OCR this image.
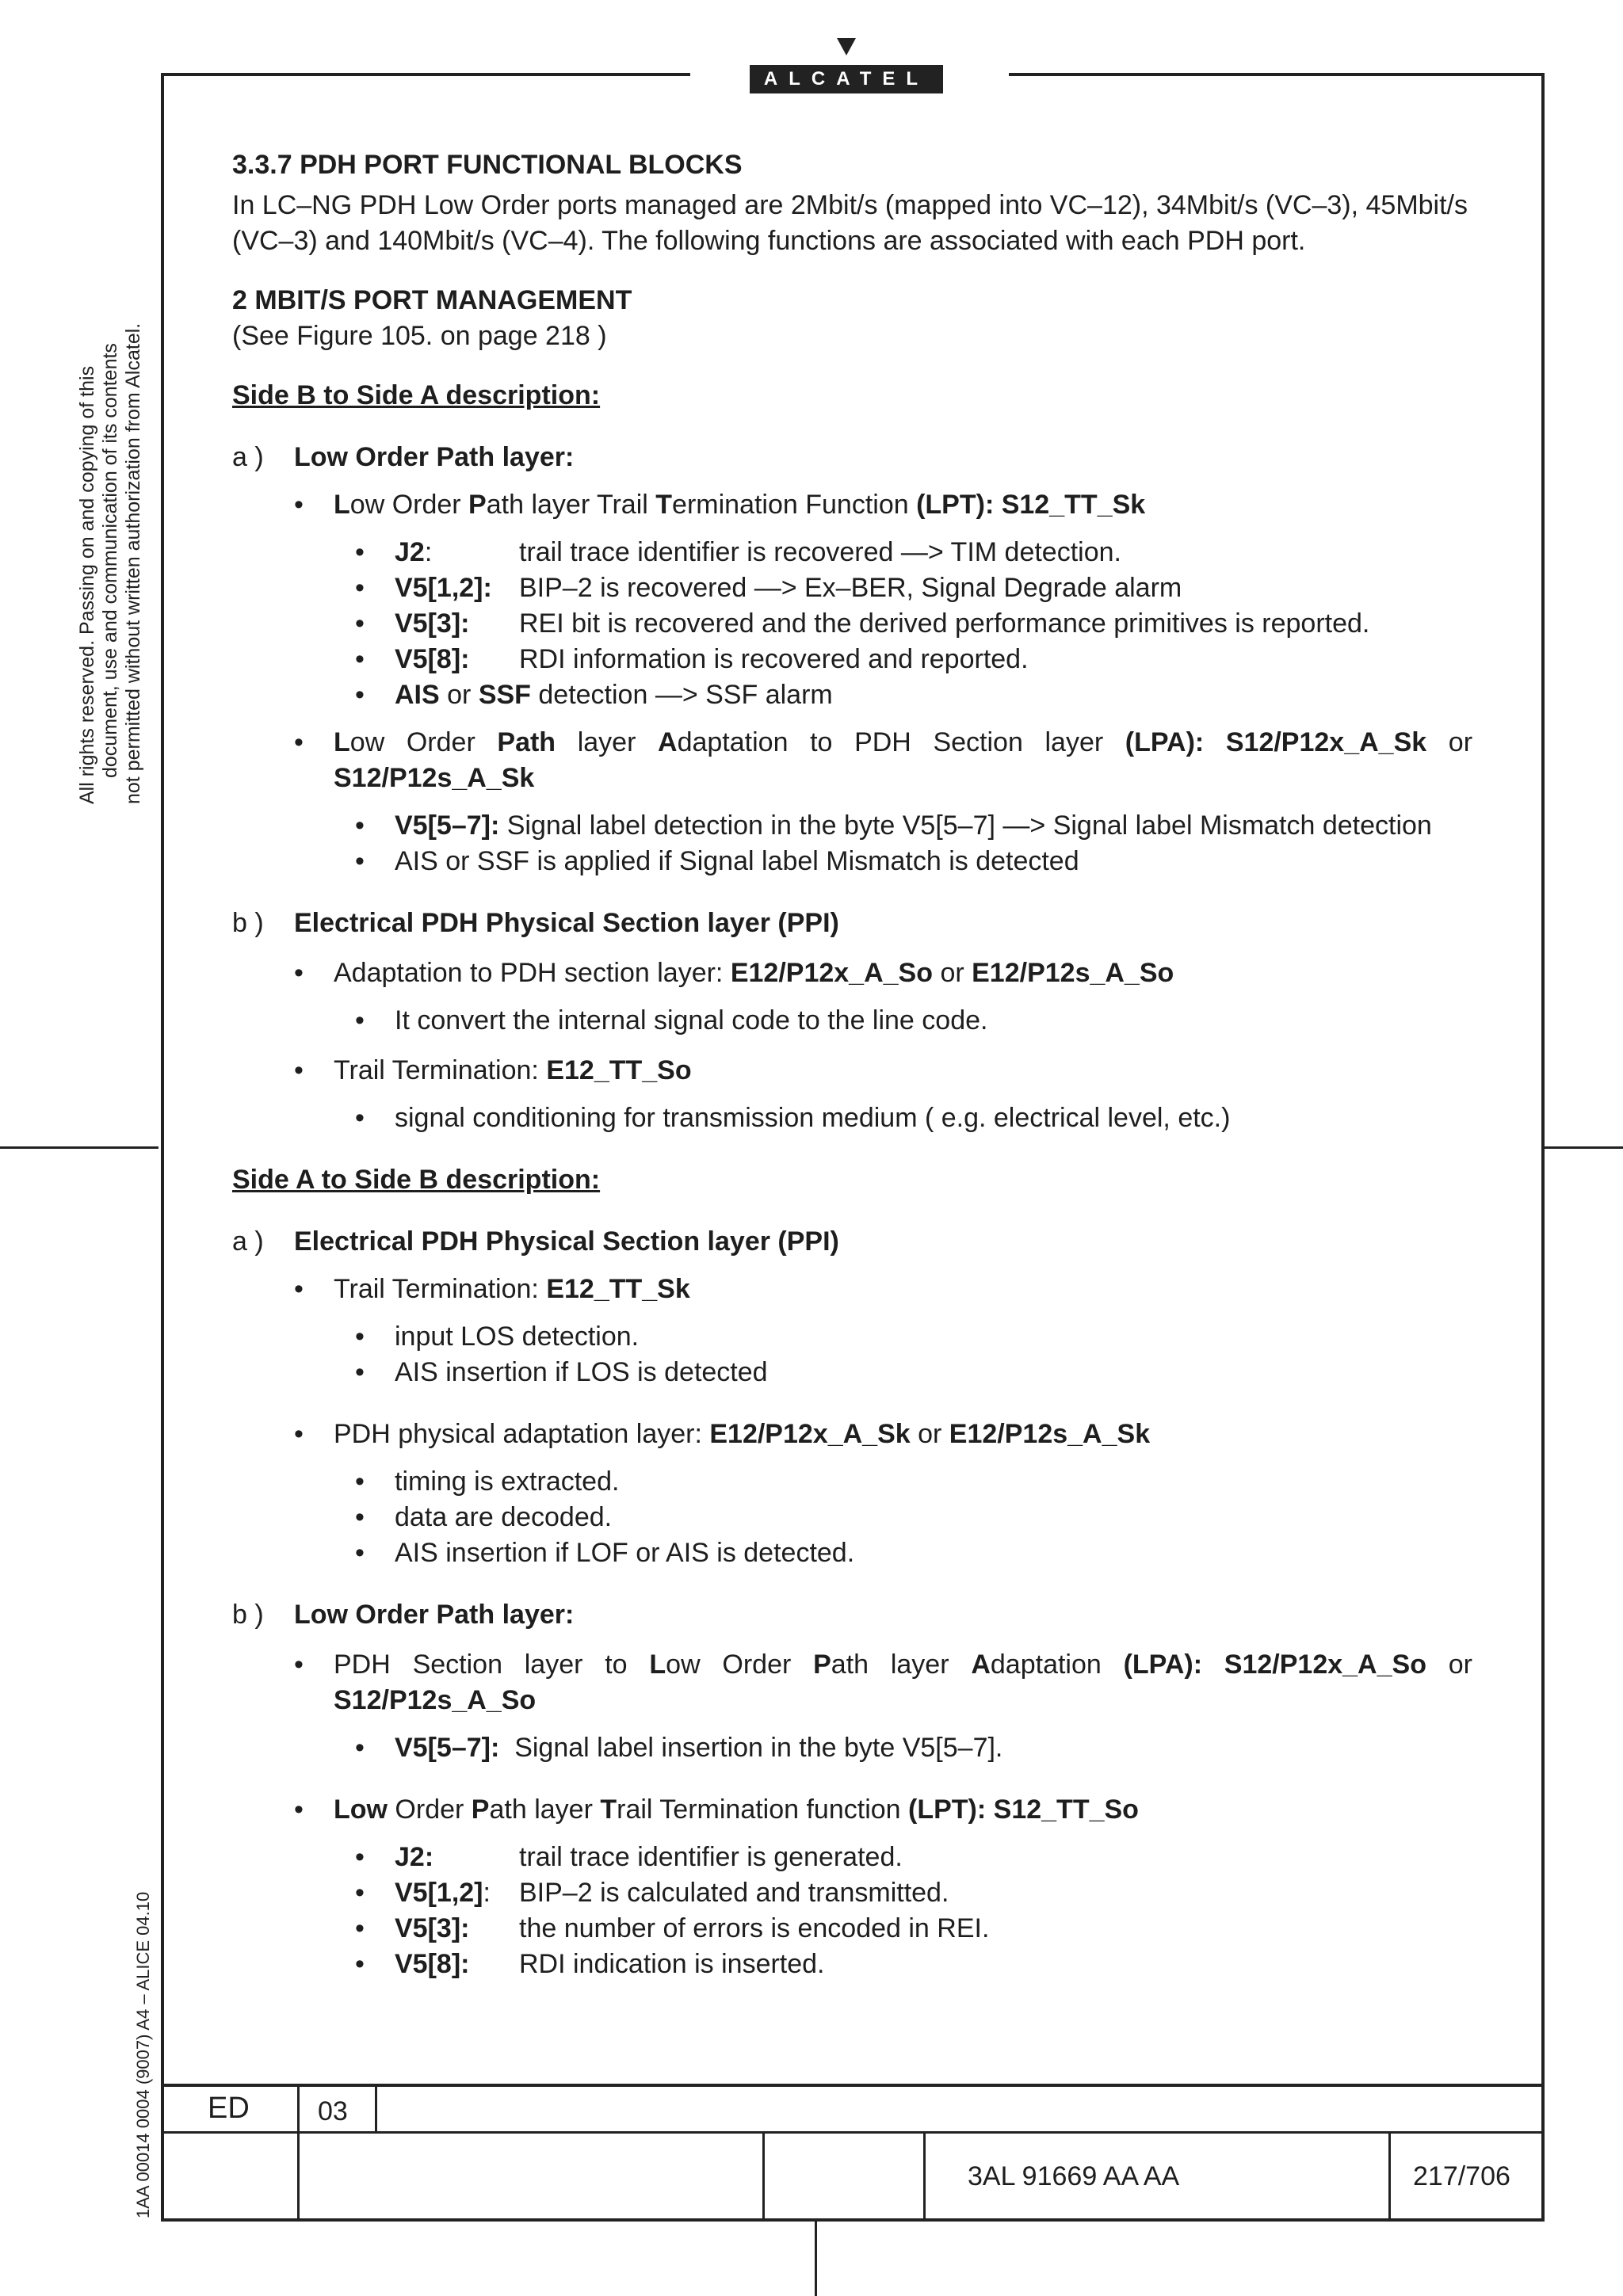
ALCATEL
All rights reserved. Passing on and copying of this document, use and communication of its contents not permitted without written authorization from Alcatel.
1AA 00014 0004 (9007) A4 – ALICE 04.10

3.3.7 PDH PORT FUNCTIONAL BLOCKS

In LC–NG PDH Low Order ports managed are 2Mbit/s (mapped into VC–12), 34Mbit/s (VC–3), 45Mbit/s (VC–3) and 140Mbit/s (VC–4). The following functions are associated with each PDH port.

2 MBIT/S PORT MANAGEMENT

(See Figure 105. on page 218 )

Side B to Side A description:

a )	Low Order Path layer:
•	Low Order Path layer Trail Termination Function (LPT): S12_TT_Sk
•	J2:	trail trace identifier is recovered —> TIM detection.
•	V5[1,2]:	BIP–2 is recovered —> Ex–BER, Signal Degrade alarm
•	V5[3]:	REI bit is recovered and the derived performance primitives is reported.
•	V5[8]:	RDI information is recovered and reported.
•	AIS or SSF detection —> SSF alarm
•	Low Order Path layer Adaptation to PDH Section layer (LPA): S12/P12x_A_Sk or S12/P12s_A_Sk
•	V5[5–7]: Signal label detection in the byte V5[5–7] —> Signal label Mismatch detection
•	AIS or SSF is applied if Signal label Mismatch is detected
b )	Electrical PDH Physical Section layer (PPI)
•	Adaptation to PDH section layer: E12/P12x_A_So or E12/P12s_A_So
•	It convert the internal signal code to the line code.
•	Trail Termination: E12_TT_So
•	signal conditioning for transmission medium ( e.g. electrical level, etc.)

Side A to Side B description:

a )	Electrical PDH Physical Section layer (PPI)
•	Trail Termination: E12_TT_Sk
•	input LOS detection.
•	AIS insertion if LOS is detected
•	PDH physical adaptation layer: E12/P12x_A_Sk or E12/P12s_A_Sk
•	timing is extracted.
•	data are decoded.
•	AIS insertion if LOF or AIS is detected.
b )	Low Order Path layer:
•	PDH Section layer to Low Order Path layer Adaptation (LPA): S12/P12x_A_So or S12/P12s_A_So
•	V5[5–7]: Signal label insertion in the byte V5[5–7].
•	Low Order Path layer Trail Termination function (LPT): S12_TT_So
•	J2:	trail trace identifier is generated.
•	V5[1,2]:	BIP–2 is calculated and transmitted.
•	V5[3]:	the number of errors is encoded in REI.
•	V5[8]:	RDI indication is inserted.
ED	03
3AL 91669 AA AA	217/706
